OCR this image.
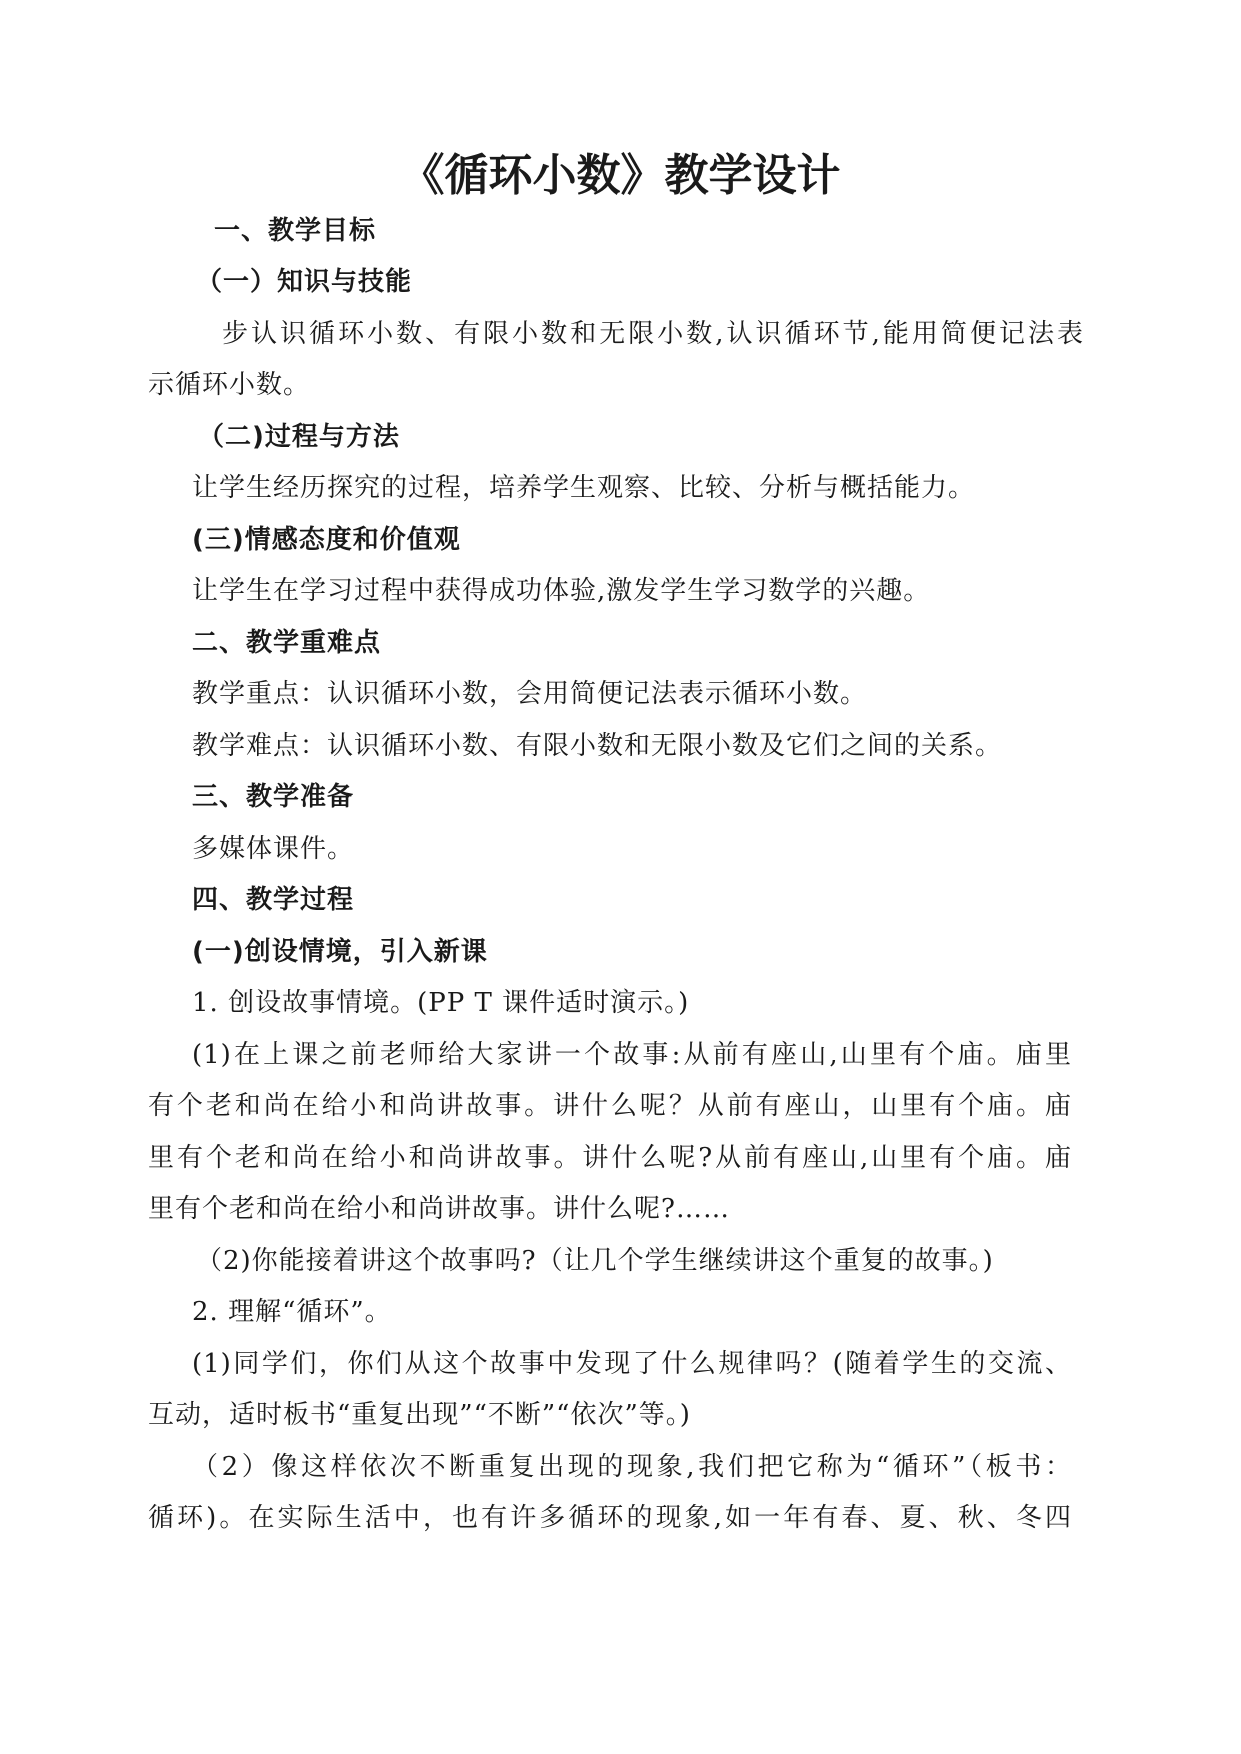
《循环小数》教学设计
一、教学目标
（一）知识与技能
步认识循环小数、有限小数和无限小数,认识循环节,能用简便记法表
示循环小数。
（二)过程与方法
让学生经历探究的过程，培养学生观察、比较、分析与概括能力。
(三)情感态度和价值观
让学生在学习过程中获得成功体验,激发学生学习数学的兴趣。
二、教学重难点
教学重点：认识循环小数，会用简便记法表示循环小数。
教学难点：认识循环小数、有限小数和无限小数及它们之间的关系。
三、教学准备
多媒体课件。
四、教学过程
(一)创设情境，引入新课
1. 创设故事情境。(PP T 课件适时演示。)
(1)在上课之前老师给大家讲一个故事:从前有座山,山里有个庙。庙里
有个老和尚在给小和尚讲故事。讲什么呢？从前有座山，山里有个庙。庙
里有个老和尚在给小和尚讲故事。讲什么呢?从前有座山,山里有个庙。庙
里有个老和尚在给小和尚讲故事。讲什么呢?……
（2)你能接着讲这个故事吗?（让几个学生继续讲这个重复的故事。)
2. 理解“循环”。
(1)同学们，你们从这个故事中发现了什么规律吗？(随着学生的交流、
互动，适时板书“重复出现”“不断”“依次”等。)
（2）像这样依次不断重复出现的现象,我们把它称为“循环”（板书：
循环)。在实际生活中，也有许多循环的现象,如一年有春、夏、秋、冬四
